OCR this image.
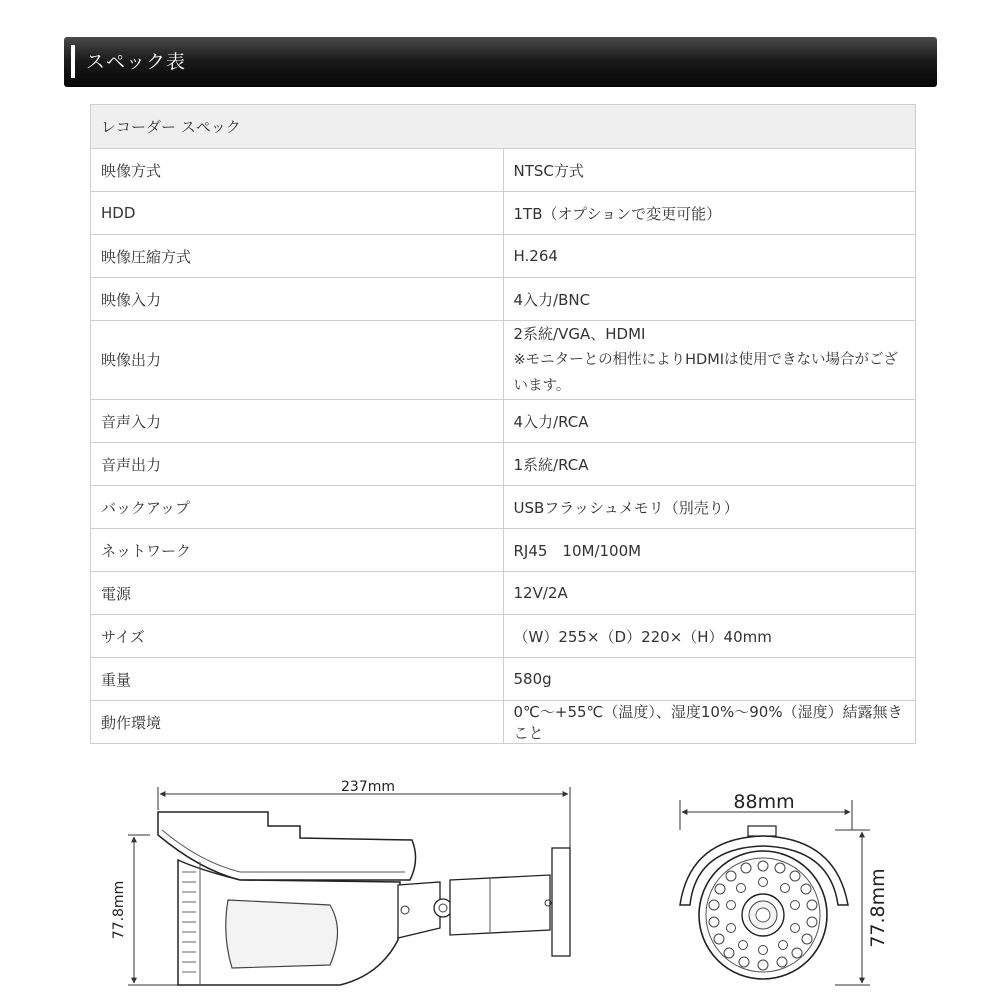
スペック表
レコーダー スペック	
映像方式	NTSC方式
HDD	1TB（オプションで変更可能）
映像圧縮方式	H.264
映像入力	4入力/BNC
映像出力	2系統/VGA、HDMI
※モニターとの相性によりHDMIは使用できない場合がございます。

音声入力	4入力/RCA
音声出力	1系統/RCA
バックアップ	USBフラッシュメモリ（別売り）
ネットワーク	RJ45　10M/100M
電源	12V/2A
サイズ	（W）255×（D）220×（H）40mm
重量	580g
動作環境	0℃～+55℃（温度）、湿度10%～90%（湿度）結露無きこと
237mm
77.8mm
88mm
77.8mm
